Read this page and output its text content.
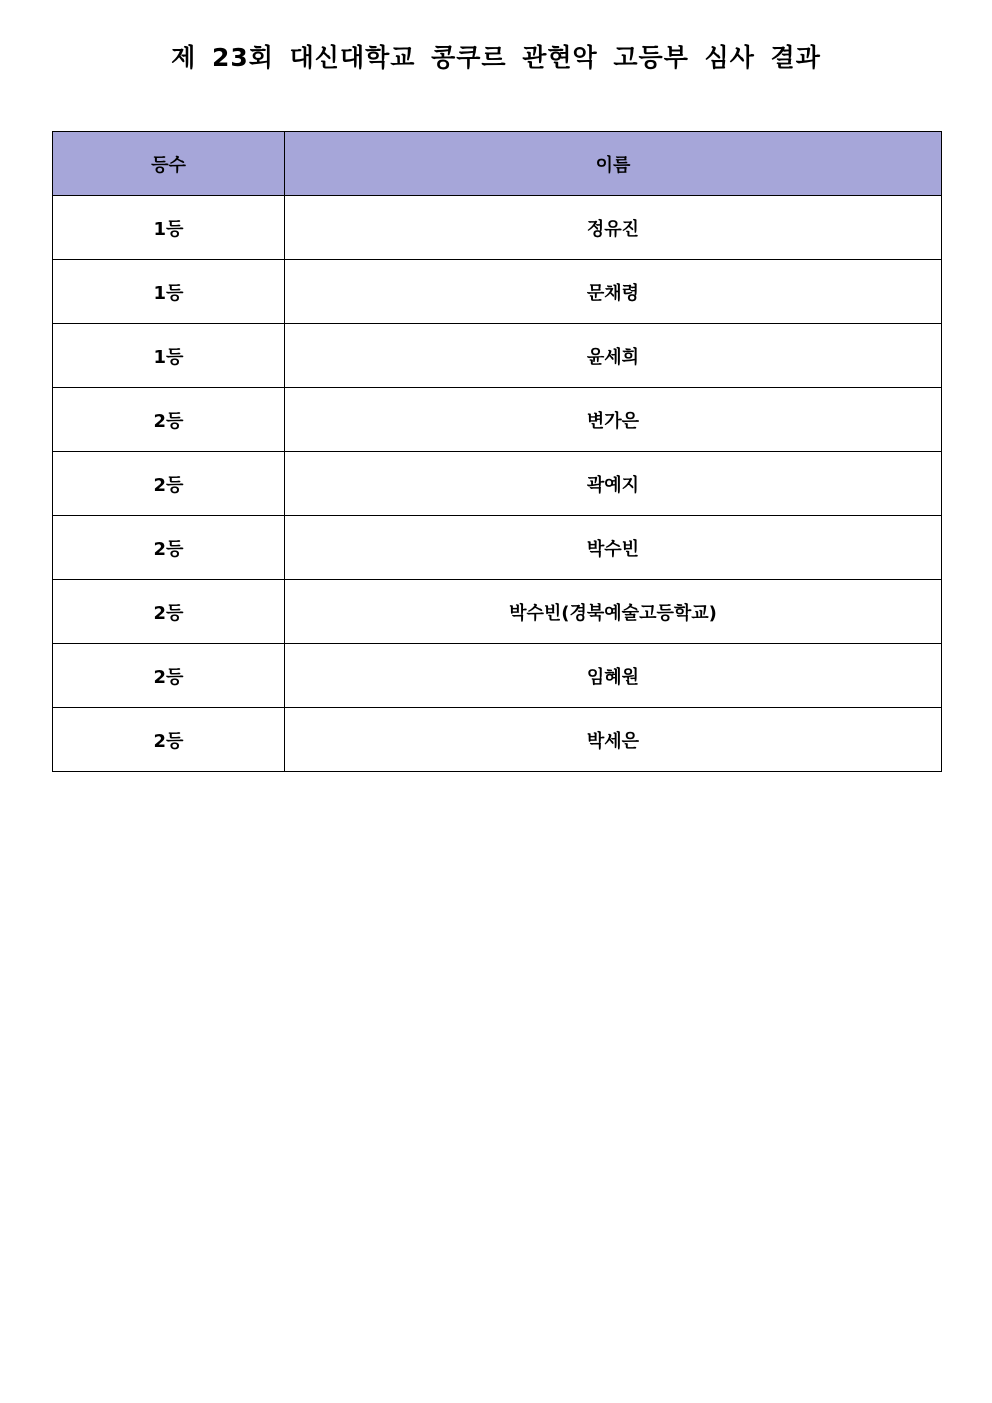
제 23회 대신대학교 콩쿠르 관현악 고등부 심사 결과
등수	이름
1등	정유진
1등	문채령
1등	윤세희
2등	변가은
2등	곽예지
2등	박수빈
2등	박수빈(경북예술고등학교)
2등	임혜원
2등	박세은
